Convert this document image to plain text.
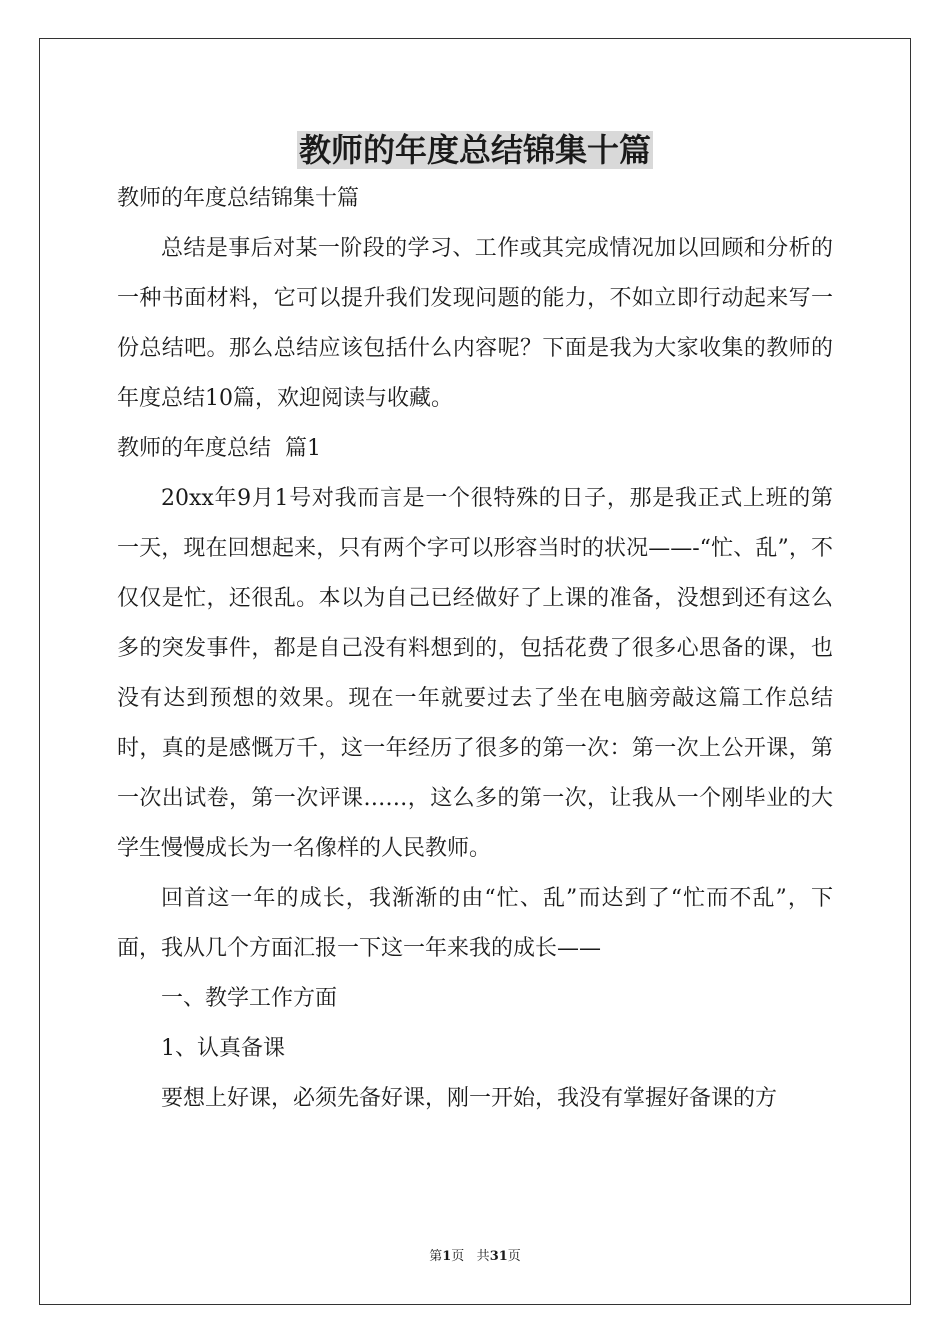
教师的年度总结锦集十篇

教师的年度总结锦集十篇

总结是事后对某一阶段的学习、工作或其完成情况加以回顾和分析的一种书面材料，它可以提升我们发现问题的能力，不如立即行动起来写一份总结吧。那么总结应该包括什么内容呢？下面是我为大家收集的教师的年度总结10篇，欢迎阅读与收藏。

教师的年度总结  篇1

20xx年9月1号对我而言是一个很特殊的日子，那是我正式上班的第一天，现在回想起来，只有两个字可以形容当时的状况——-“忙、乱”，不仅仅是忙，还很乱。本以为自己已经做好了上课的准备，没想到还有这么多的突发事件，都是自己没有料想到的，包括花费了很多心思备的课，也没有达到预想的效果。现在一年就要过去了坐在电脑旁敲这篇工作总结时，真的是感慨万千，这一年经历了很多的第一次：第一次上公开课，第一次出试卷，第一次评课……，这么多的第一次，让我从一个刚毕业的大学生慢慢成长为一名像样的人民教师。

回首这一年的成长，我渐渐的由“忙、乱”而达到了“忙而不乱”，下面，我从几个方面汇报一下这一年来我的成长——

一、教学工作方面

1、认真备课

要想上好课，必须先备好课，刚一开始，我没有掌握好备课的方

第1页 共31页
